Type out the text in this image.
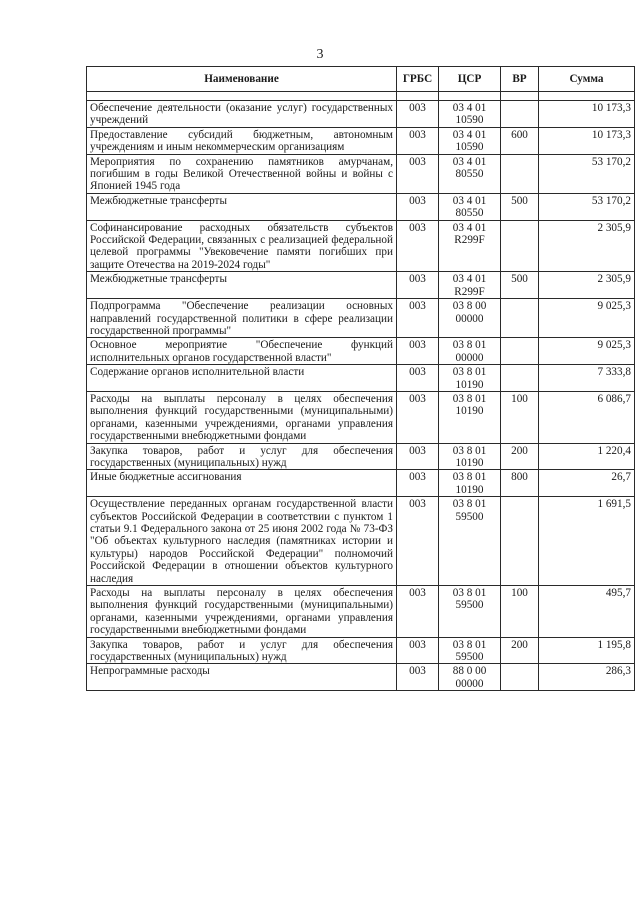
3
Наименование	ГРБС	ЦСР	ВР	Сумма

Обеспечение деятельности (оказание услуг) государственных учреждений	003	03 4 01 10590		10 173,3
Предоставление субсидий бюджетным, автономным учреждениям и иным некоммерческим организациям	003	03 4 01 10590	600	10 173,3
Мероприятия по сохранению памятников амурчанам, погибшим в годы Великой Отечественной войны и войны с Японией 1945 года	003	03 4 01 80550		53 170,2
Межбюджетные трансферты	003	03 4 01 80550	500	53 170,2
Софинансирование расходных обязательств субъектов Российской Федерации, связанных с реализацией федеральной целевой программы "Увековечение памяти погибших при защите Отечества на 2019-2024 годы"	003	03 4 01 R299F		2 305,9
Межбюджетные трансферты	003	03 4 01 R299F	500	2 305,9
Подпрограмма "Обеспечение реализации основных направлений государственной политики в сфере реализации государственной программы"	003	03 8 00 00000		9 025,3
Основное мероприятие "Обеспечение функций исполнительных органов государственной власти"	003	03 8 01 00000		9 025,3
Содержание органов исполнительной власти	003	03 8 01 10190		7 333,8
Расходы на выплаты персоналу в целях обеспечения выполнения функций государственными (муниципальными) органами, казенными учреждениями, органами управления государственными внебюджетными фондами	003	03 8 01 10190	100	6 086,7
Закупка товаров, работ и услуг для обеспечения государственных (муниципальных) нужд	003	03 8 01 10190	200	1 220,4
Иные бюджетные ассигнования	003	03 8 01 10190	800	26,7
Осуществление переданных органам государственной власти субъектов Российской Федерации в соответствии с пунктом 1 статьи 9.1 Федерального закона от 25 июня 2002 года № 73-ФЗ "Об объектах культурного наследия (памятниках истории и культуры) народов Российской Федерации" полномочий Российской Федерации в отношении объектов культурного наследия	003	03 8 01 59500		1 691,5
Расходы на выплаты персоналу в целях обеспечения выполнения функций государственными (муниципальными) органами, казенными учреждениями, органами управления государственными внебюджетными фондами	003	03 8 01 59500	100	495,7
Закупка товаров, работ и услуг для обеспечения государственных (муниципальных) нужд	003	03 8 01 59500	200	1 195,8
Непрограммные расходы	003	88 0 00 00000		286,3
